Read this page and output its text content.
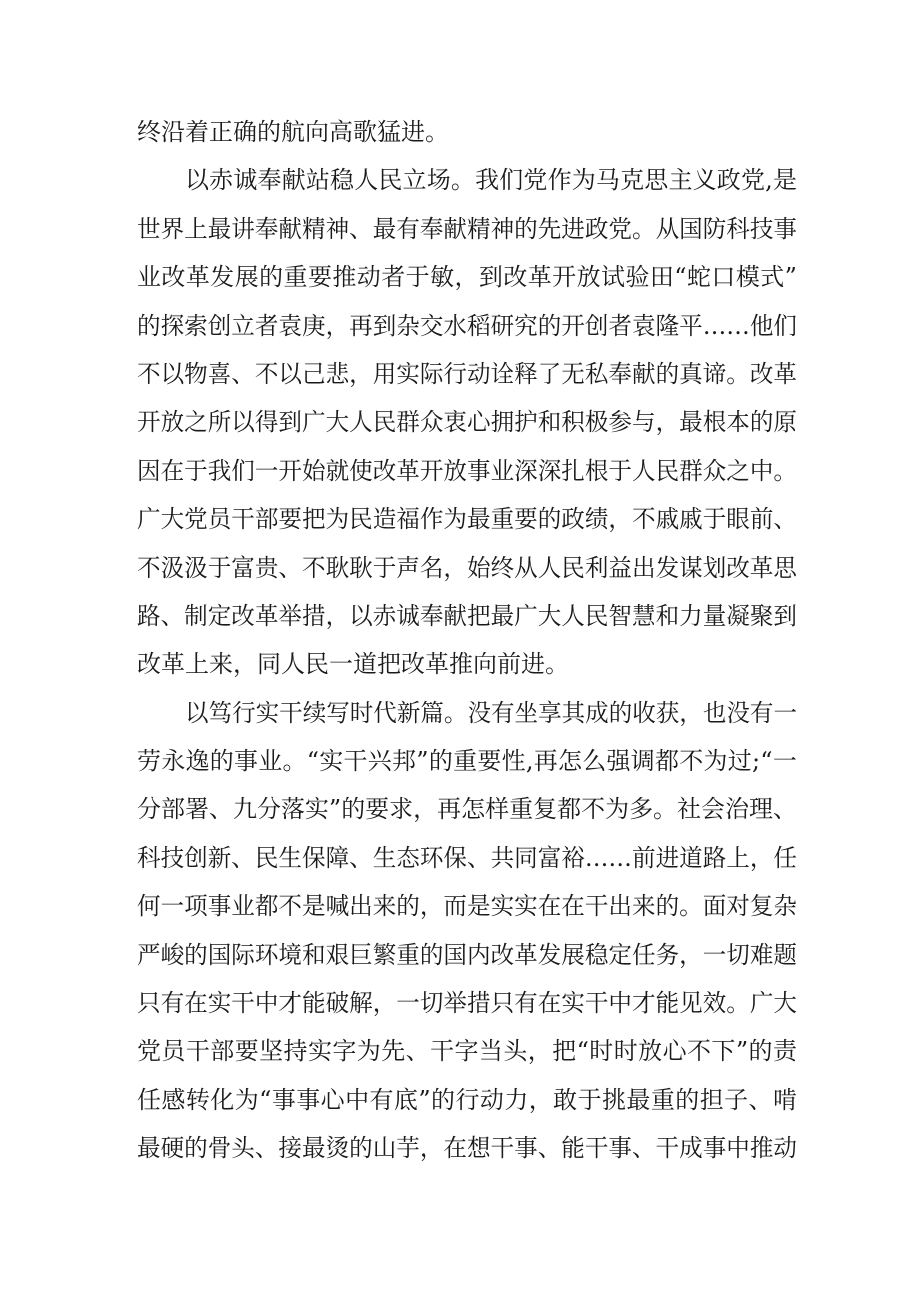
终沿着正确的航向高歌猛进。
以赤诚奉献站稳人民立场。我们党作为马克思主义政党,是
世界上最讲奉献精神、最有奉献精神的先进政党。从国防科技事
业改革发展的重要推动者于敏，到改革开放试验田“蛇口模式”
的探索创立者袁庚，再到杂交水稻研究的开创者袁隆平……他们
不以物喜、不以己悲，用实际行动诠释了无私奉献的真谛。改革
开放之所以得到广大人民群众衷心拥护和积极参与，最根本的原
因在于我们一开始就使改革开放事业深深扎根于人民群众之中。
广大党员干部要把为民造福作为最重要的政绩，不戚戚于眼前、
不汲汲于富贵、不耿耿于声名，始终从人民利益出发谋划改革思
路、制定改革举措，以赤诚奉献把最广大人民智慧和力量凝聚到
改革上来，同人民一道把改革推向前进。
以笃行实干续写时代新篇。没有坐享其成的收获，也没有一
劳永逸的事业。“实干兴邦”的重要性,再怎么强调都不为过;“一
分部署、九分落实”的要求，再怎样重复都不为多。社会治理、
科技创新、民生保障、生态环保、共同富裕……前进道路上，任
何一项事业都不是喊出来的，而是实实在在干出来的。面对复杂
严峻的国际环境和艰巨繁重的国内改革发展稳定任务，一切难题
只有在实干中才能破解，一切举措只有在实干中才能见效。广大
党员干部要坚持实字为先、干字当头，把“时时放心不下”的责
任感转化为“事事心中有底”的行动力，敢于挑最重的担子、啃
最硬的骨头、接最烫的山芋，在想干事、能干事、干成事中推动
